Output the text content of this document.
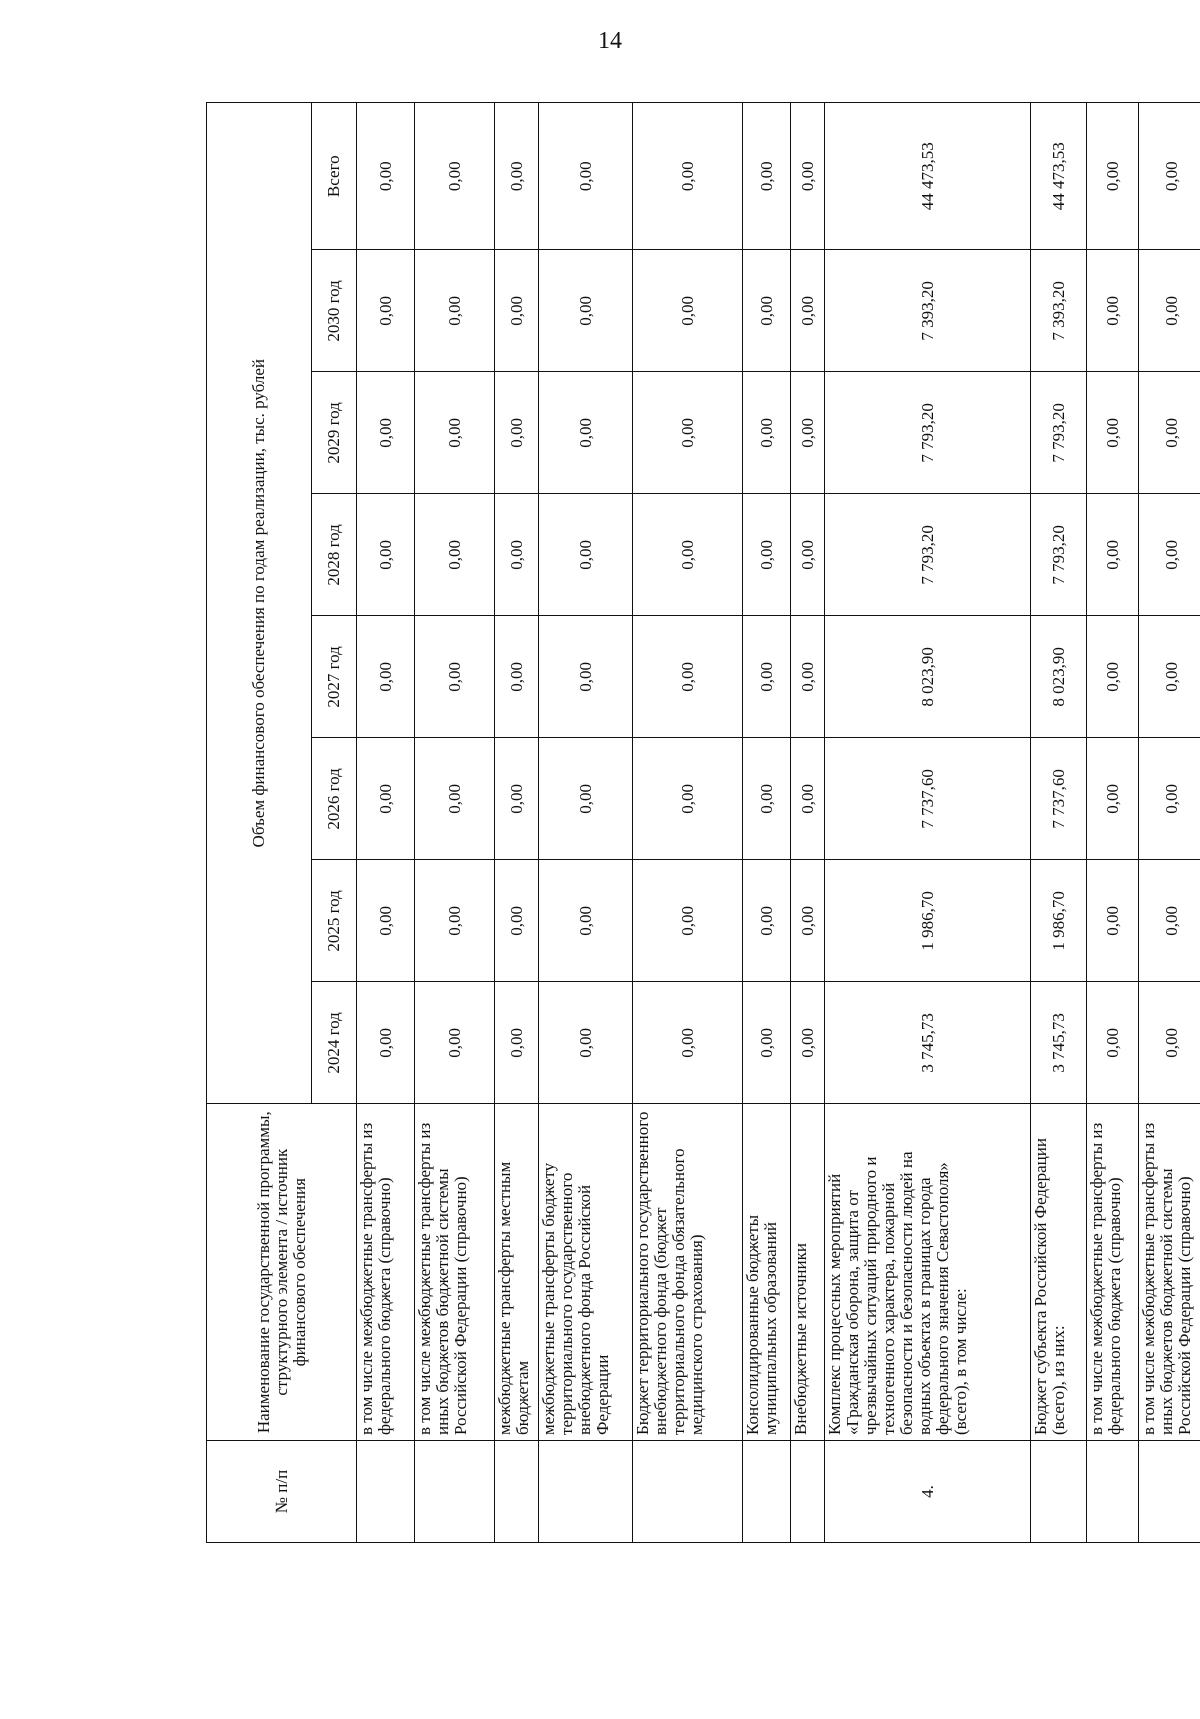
14
№ п/п	Наименование государственной программы, структурного элемента / источник финансового обеспечения	Объем финансового обеспечения по годам реализации, тыс. рублей							
		2024 год	2025 год	2026 год	2027 год	2028 год	2029 год	2030 год	Всего
	в том числе межбюджетные трансферты из федерального бюджета (справочно)	0,00	0,00	0,00	0,00	0,00	0,00	0,00	0,00
	в том числе межбюджетные трансферты из иных бюджетов бюджетной системы Российской Федерации (справочно)	0,00	0,00	0,00	0,00	0,00	0,00	0,00	0,00
	межбюджетные трансферты местным бюджетам	0,00	0,00	0,00	0,00	0,00	0,00	0,00	0,00
	межбюджетные трансферты бюджету территориального государственного внебюджетного фонда Российской Федерации	0,00	0,00	0,00	0,00	0,00	0,00	0,00	0,00
	Бюджет территориального государственного внебюджетного фонда (бюджет территориального фонда обязательного медицинского страхования)	0,00	0,00	0,00	0,00	0,00	0,00	0,00	0,00
	Консолидированные бюджеты муниципальных образований	0,00	0,00	0,00	0,00	0,00	0,00	0,00	0,00
	Внебюджетные источники	0,00	0,00	0,00	0,00	0,00	0,00	0,00	0,00
4.	Комплекс процессных мероприятий «Гражданская оборона, защита от чрезвычайных ситуаций природного и техногенного характера, пожарной безопасности и безопасности людей на водных объектах в границах города федерального значения Севастополя» (всего), в том числе:	3 745,73	1 986,70	7 737,60	8 023,90	7 793,20	7 793,20	7 393,20	44 473,53
	Бюджет субъекта Российской Федерации (всего), из них:	3 745,73	1 986,70	7 737,60	8 023,90	7 793,20	7 793,20	7 393,20	44 473,53
	в том числе межбюджетные трансферты из федерального бюджета (справочно)	0,00	0,00	0,00	0,00	0,00	0,00	0,00	0,00
	в том числе межбюджетные трансферты из иных бюджетов бюджетной системы Российской Федерации (справочно)	0,00	0,00	0,00	0,00	0,00	0,00	0,00	0,00
